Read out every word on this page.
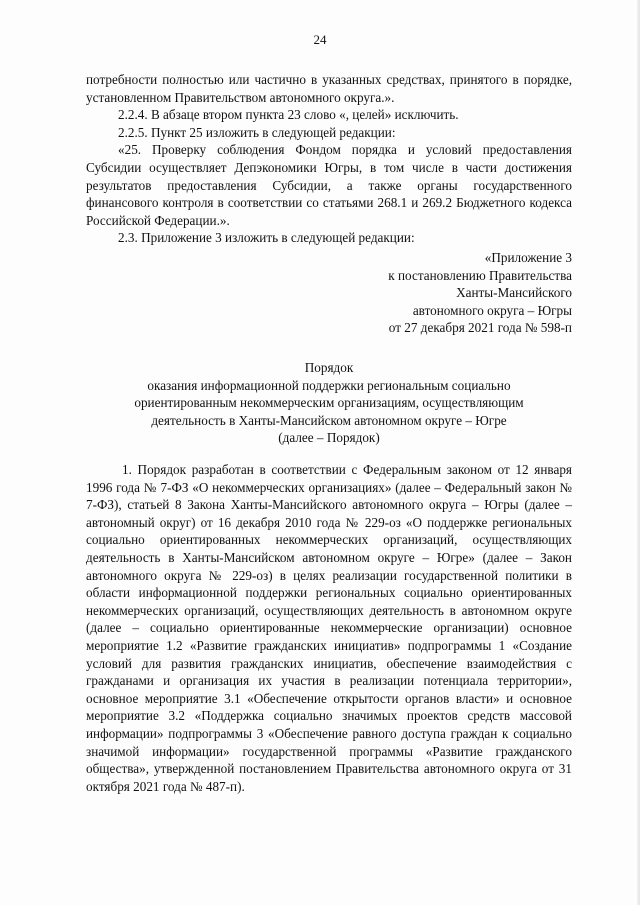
24

потребности полностью или частично в указанных средствах, принятого в порядке, установленном Правительством автономного округа.».

2.2.4. В абзаце втором пункта 23 слово «, целей» исключить.

2.2.5. Пункт 25 изложить в следующей редакции:

«25. Проверку соблюдения Фондом порядка и условий предоставления Субсидии осуществляет Депэкономики Югры, в том числе в части достижения результатов предоставления Субсидии, а также органы государственного финансового контроля в соответствии со статьями 268.1 и 269.2 Бюджетного кодекса Российской Федерации.».

2.3. Приложение 3 изложить в следующей редакции:

«Приложение 3
к постановлению Правительства
Ханты-Мансийского
автономного округа – Югры
от 27 декабря 2021 года № 598-п
Порядок
оказания информационной поддержки региональным социально
ориентированным некоммерческим организациям, осуществляющим
деятельность в Ханты-Мансийском автономном округе – Югре
(далее – Порядок)

1. Порядок разработан в соответствии с Федеральным законом от 12 января 1996 года № 7-ФЗ «О некоммерческих организациях» (далее – Федеральный закон № 7-ФЗ), статьей 8 Закона Ханты-Мансийского автономного округа – Югры (далее – автономный округ) от 16 декабря 2010 года № 229-оз «О поддержке региональных социально ориентированных некоммерческих организаций, осуществляющих деятельность в Ханты-Мансийском автономном округе – Югре» (далее – Закон автономного округа № 229-оз) в целях реализации государственной политики в области информационной поддержки региональных социально ориентированных некоммерческих организаций, осуществляющих деятельность в автономном округе (далее – социально ориентированные некоммерческие организации) основное мероприятие 1.2 «Развитие гражданских инициатив» подпрограммы 1 «Создание условий для развития гражданских инициатив, обеспечение взаимодействия с гражданами и организация их участия в реализации потенциала территории», основное мероприятие 3.1 «Обеспечение открытости органов власти» и основное мероприятие 3.2 «Поддержка социально значимых проектов средств массовой информации» подпрограммы 3 «Обеспечение равного доступа граждан к социально значимой информации» государственной программы «Развитие гражданского общества», утвержденной постановлением Правительства автономного округа от 31 октября 2021 года № 487-п).
